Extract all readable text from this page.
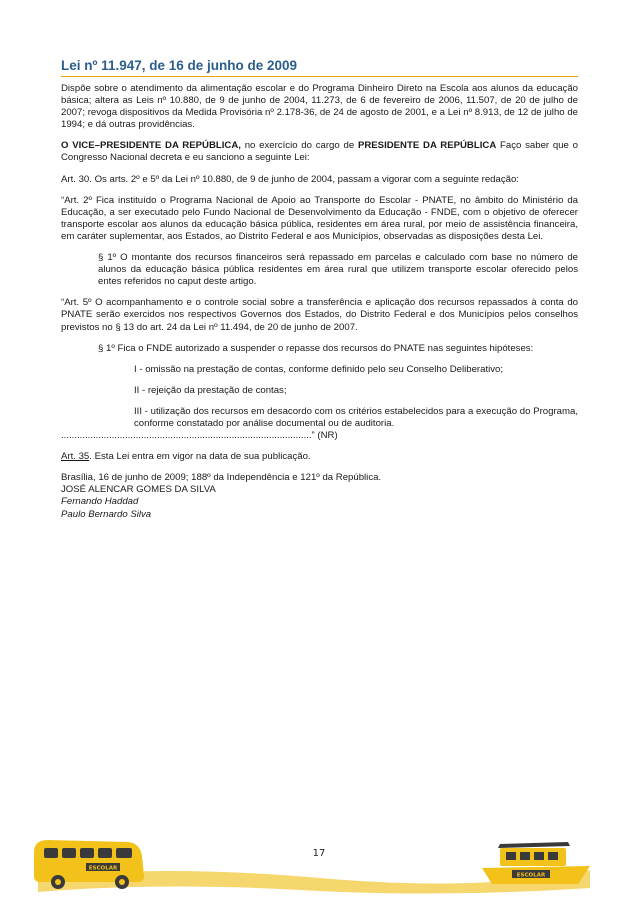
Lei nº 11.947, de 16 de junho de 2009

Dispõe sobre o atendimento da alimentação escolar e do Programa Dinheiro Direto na Escola aos alunos da educação básica; altera as Leis nº 10.880, de 9 de junho de 2004, 11.273, de 6 de fevereiro de 2006, 11.507, de 20 de julho de 2007; revoga dispositivos da Medida Provisória nº 2.178-36, de 24 de agosto de 2001, e a Lei nº 8.913, de 12 de julho de 1994; e dá outras providências.

O VICE–PRESIDENTE DA REPÚBLICA, no exercício do cargo de PRESIDENTE DA REPÚBLICA Faço saber que o Congresso Nacional decreta e eu sanciono a seguinte Lei:

Art. 30. Os arts. 2º e 5º da Lei nº 10.880, de 9 de junho de 2004, passam a vigorar com a seguinte redação:

“Art. 2º Fica instituído o Programa Nacional de Apoio ao Transporte do Escolar - PNATE, no âmbito do Ministério da Educação, a ser executado pelo Fundo Nacional de Desenvolvimento da Educação - FNDE, com o objetivo de oferecer transporte escolar aos alunos da educação básica pública, residentes em área rural, por meio de assistência financeira, em caráter suplementar, aos Estados, ao Distrito Federal e aos Municípios, observadas as disposições desta Lei.

§ 1º O montante dos recursos financeiros será repassado em parcelas e calculado com base no número de alunos da educação básica pública residentes em área rural que utilizem transporte escolar oferecido pelos entes referidos no caput deste artigo.

“Art. 5º O acompanhamento e o controle social sobre a transferência e aplicação dos recursos repassados à conta do PNATE serão exercidos nos respectivos Governos dos Estados, do Distrito Federal e dos Municípios pelos conselhos previstos no § 13 do art. 24 da Lei nº 11.494, de 20 de junho de 2007.

§ 1º Fica o FNDE autorizado a suspender o repasse dos recursos do PNATE nas seguintes hipóteses:

I - omissão na prestação de contas, conforme definido pelo seu Conselho Deliberativo;

II - rejeição da prestação de contas;

III - utilização dos recursos em desacordo com os critérios estabelecidos para a execução do Programa, conforme constatado por análise documental ou de auditoria.

..............................................................................................” (NR)

Art. 35. Esta Lei entra em vigor na data de sua publicação.

Brasília, 16 de junho de 2009; 188º da Independência e 121º da República.

JOSÉ ALENCAR GOMES DA SILVA

Fernando Haddad

Paulo Bernardo Silva

ESCOLAR
ESCOLAR
17
